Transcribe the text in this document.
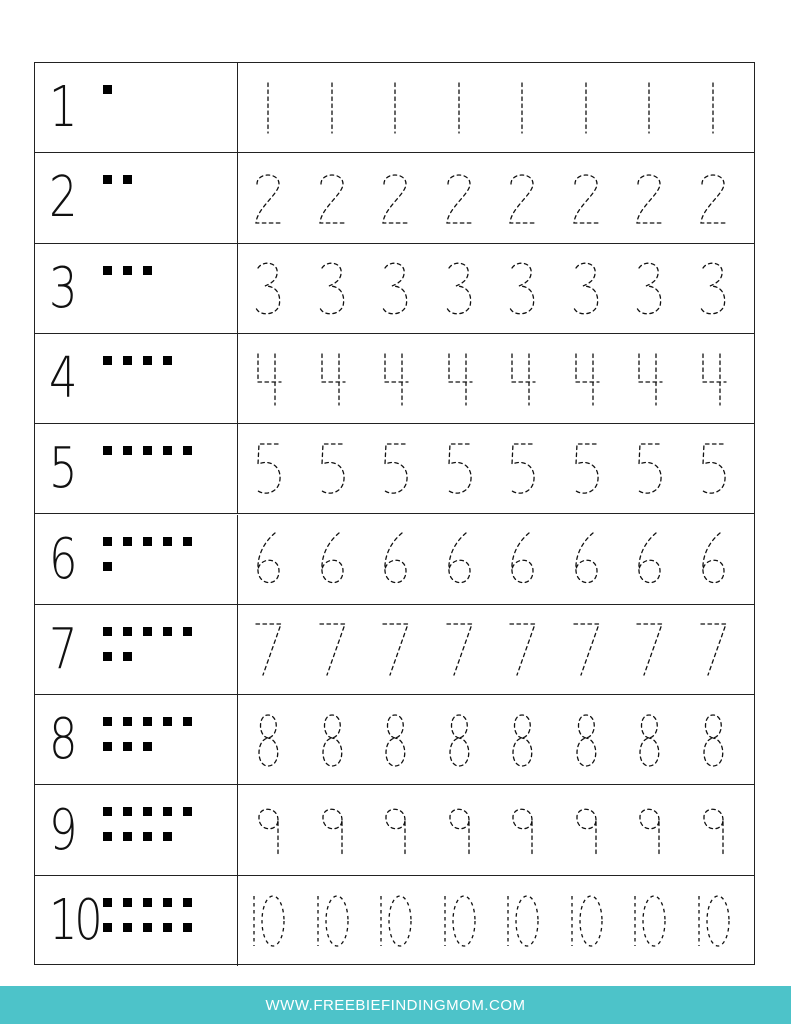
1
2
3
4
5
6
7
8
9
10
WWW.FREEBIEFINDINGMOM.COM
